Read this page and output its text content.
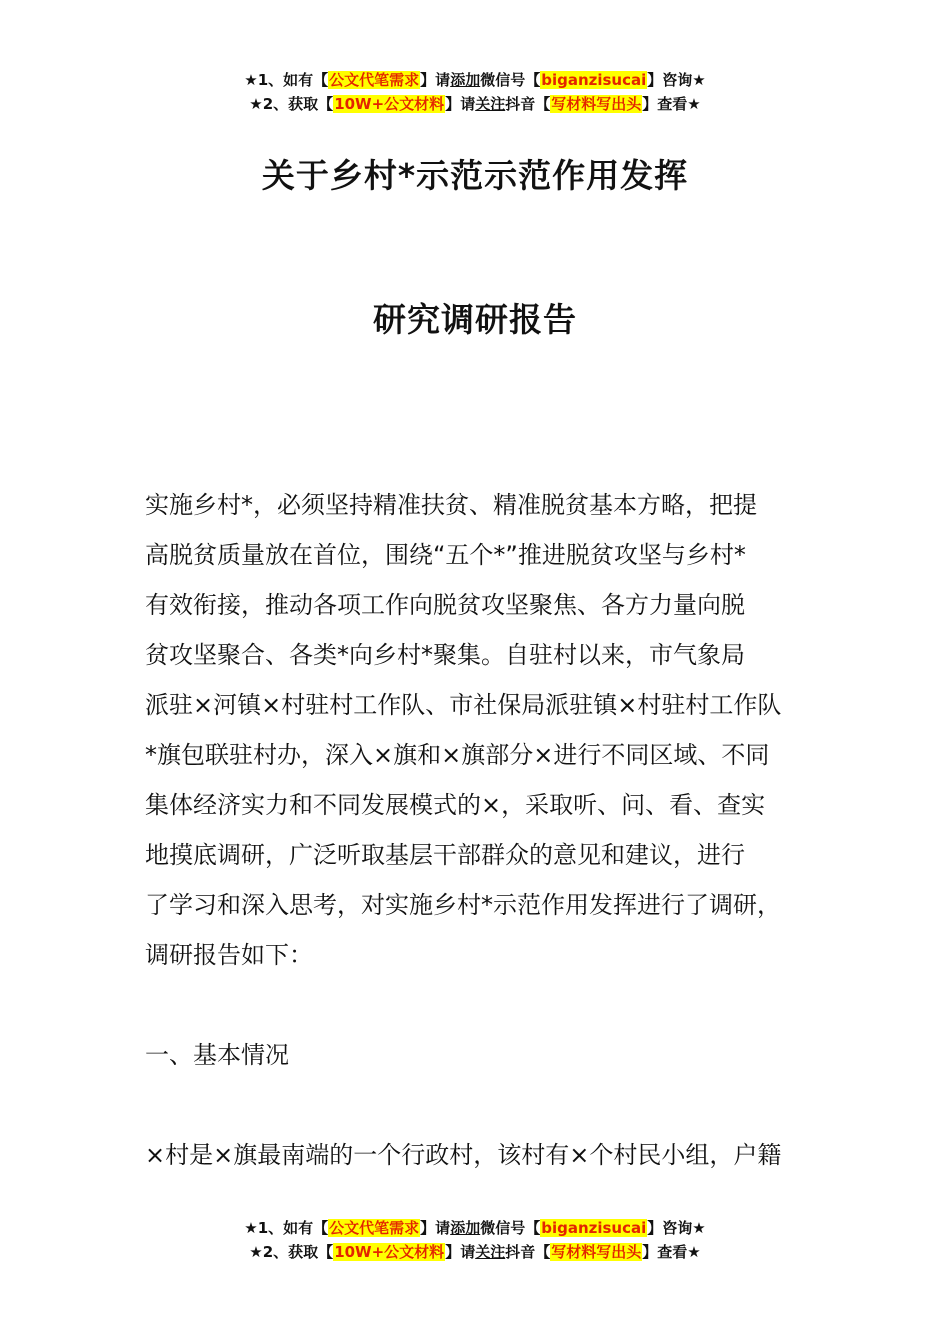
★1、如有【公文代笔需求】请添加微信号【biganzisucai】咨询★
★2、获取【10W+公文材料】请关注抖音【写材料写出头】查看★
关于乡村*示范示范作用发挥
研究调研报告
实施乡村*，必须坚持精准扶贫、精准脱贫基本方略，把提
高脱贫质量放在首位，围绕“五个*”推进脱贫攻坚与乡村*
有效衔接，推动各项工作向脱贫攻坚聚焦、各方力量向脱
贫攻坚聚合、各类*向乡村*聚集。自驻村以来，市气象局
派驻×河镇×村驻村工作队、市社保局派驻镇×村驻村工作队
*旗包联驻村办，深入×旗和×旗部分×进行不同区域、不同
集体经济实力和不同发展模式的×，采取听、问、看、查实
地摸底调研，广泛听取基层干部群众的意见和建议，进行
了学习和深入思考，对实施乡村*示范作用发挥进行了调研，
调研报告如下：
一、基本情况
×村是×旗最南端的一个行政村，该村有×个村民小组，户籍
★1、如有【公文代笔需求】请添加微信号【biganzisucai】咨询★
★2、获取【10W+公文材料】请关注抖音【写材料写出头】查看★
